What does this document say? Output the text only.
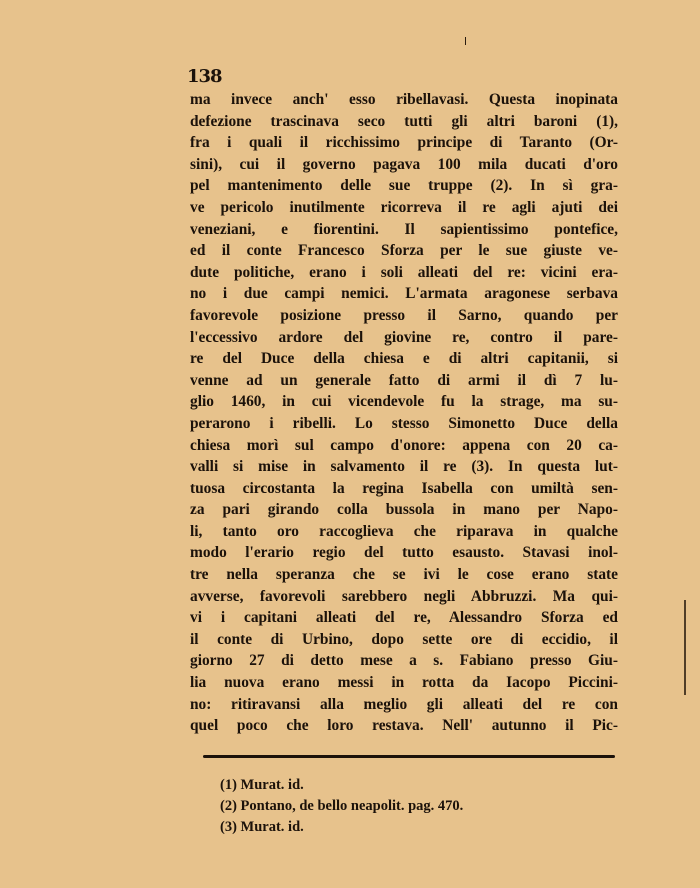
138
ma invece anch' esso ribellavasi. Questa inopinata
defezione trascinava seco tutti gli altri baroni (1),
fra i quali il ricchissimo principe di Taranto (Or-
sini), cui il governo pagava 100 mila ducati d'oro
pel mantenimento delle sue truppe (2). In sì gra-
ve pericolo inutilmente ricorreva il re agli ajuti dei
veneziani, e fiorentini. Il sapientissimo pontefice,
ed il conte Francesco Sforza per le sue giuste ve-
dute politiche, erano i soli alleati del re: vicini era-
no i due campi nemici. L'armata aragonese serbava
favorevole posizione presso il Sarno, quando per
l'eccessivo ardore del giovine re, contro il pare-
re del Duce della chiesa e di altri capitanii, si
venne ad un generale fatto di armi il dì 7 lu-
glio 1460, in cui vicendevole fu la strage, ma su-
perarono i ribelli. Lo stesso Simonetto Duce della
chiesa morì sul campo d'onore: appena con 20 ca-
valli si mise in salvamento il re (3). In questa lut-
tuosa circostanta la regina Isabella con umiltà sen-
za pari girando colla bussola in mano per Napo-
li, tanto oro raccoglieva che riparava in qualche
modo l'erario regio del tutto esausto. Stavasi inol-
tre nella speranza che se ivi le cose erano state
avverse, favorevoli sarebbero negli Abbruzzi. Ma qui-
vi i capitani alleati del re, Alessandro Sforza ed
il conte di Urbino, dopo sette ore di eccidio, il
giorno 27 di detto mese a s. Fabiano presso Giu-
lia nuova erano messi in rotta da Iacopo Piccini-
no: ritiravansi alla meglio gli alleati del re con
quel poco che loro restava. Nell' autunno il Pic-
(1) Murat. id.
(2) Pontano, de bello neapolit. pag. 470.
(3) Murat. id.
